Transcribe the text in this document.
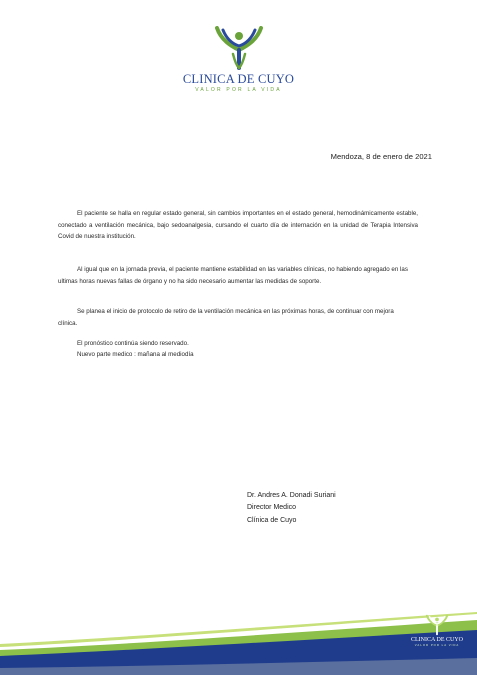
CLINICA DE CUYO
VALOR POR LA VIDA
Mendoza, 8 de enero de 2021
El paciente se halla en regular estado general, sin cambios importantes en el estado general, hemodinámicamente estable, conectado a ventilación mecánica, bajo sedoanalgesia, cursando el cuarto día de internación en la unidad de Terapia Intensiva Covid de nuestra institución.
Al igual que en la jornada previa, el paciente mantiene estabilidad en las variables clínicas, no habiendo agregado en las ultimas horas nuevas fallas de órgano y no ha sido necesario aumentar las medidas de soporte.
Se planea el inicio de protocolo de retiro de la ventilación mecánica en las próximas horas, de continuar con mejora clínica.
El pronóstico continúa siendo reservado.
Nuevo parte medico : mañana al mediodía
Dr. Andres A. Donadi Suriani
Director Medico
Clínica de Cuyo
CLINICA DE CUYO
VALOR POR LA VIDA
